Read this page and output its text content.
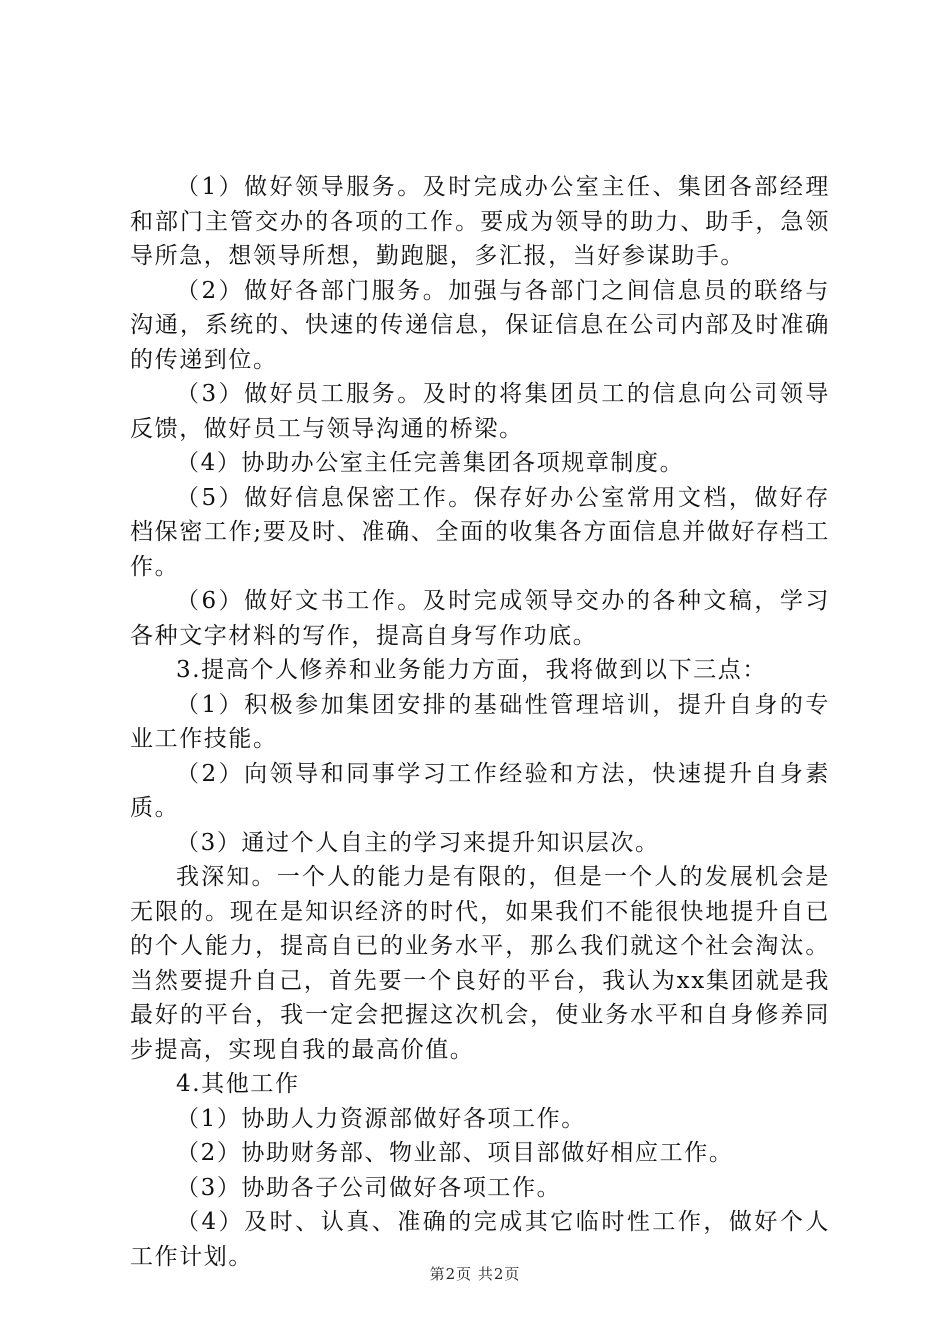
（1）做好领导服务。及时完成办公室主任、集团各部经理和部门主管交办的各项的工作。要成为领导的助力、助手，急领导所急，想领导所想，勤跑腿，多汇报，当好参谋助手。

（2）做好各部门服务。加强与各部门之间信息员的联络与沟通，系统的、快速的传递信息，保证信息在公司内部及时准确的传递到位。

（3）做好员工服务。及时的将集团员工的信息向公司领导反馈，做好员工与领导沟通的桥梁。

（4）协助办公室主任完善集团各项规章制度。

（5）做好信息保密工作。保存好办公室常用文档，做好存档保密工作;要及时、准确、全面的收集各方面信息并做好存档工作。

（6）做好文书工作。及时完成领导交办的各种文稿，学习各种文字材料的写作，提高自身写作功底。

3.提高个人修养和业务能力方面，我将做到以下三点：

（1）积极参加集团安排的基础性管理培训，提升自身的专业工作技能。

（2）向领导和同事学习工作经验和方法，快速提升自身素质。

（3）通过个人自主的学习来提升知识层次。

我深知。一个人的能力是有限的，但是一个人的发展机会是无限的。现在是知识经济的时代，如果我们不能很快地提升自已的个人能力，提高自已的业务水平，那么我们就这个社会淘汰。当然要提升自己，首先要一个良好的平台，我认为xx集团就是我最好的平台，我一定会把握这次机会，使业务水平和自身修养同步提高，实现自我的最高价值。

4.其他工作

（1）协助人力资源部做好各项工作。

（2）协助财务部、物业部、项目部做好相应工作。

（3）协助各子公司做好各项工作。

（4）及时、认真、准确的完成其它临时性工作，做好个人工作计划。

第2页 共2页
